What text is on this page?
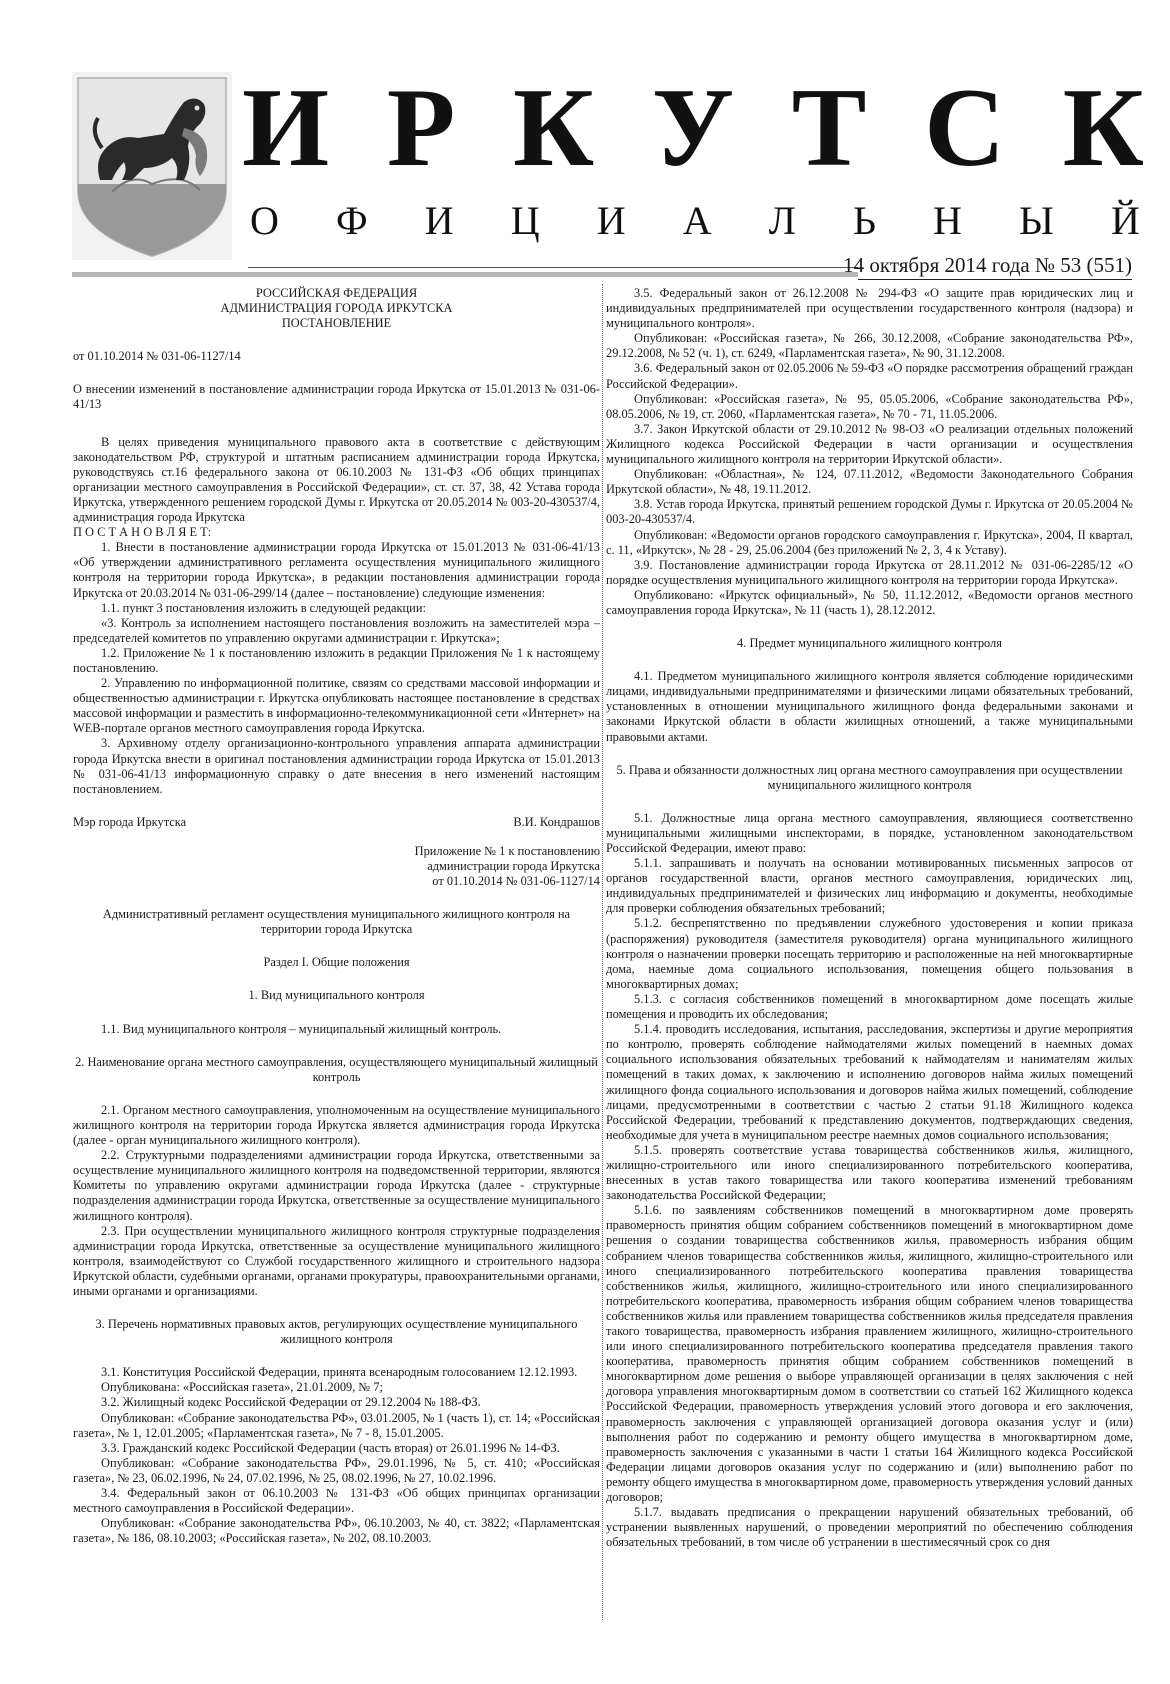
И Р К У Т С К
О Ф И Ц И А Л Ь Н Ы Й
14 октября 2014 года № 53 (551)

РОССИЙСКАЯ ФЕДЕРАЦИЯ

АДМИНИСТРАЦИЯ ГОРОДА ИРКУТСКА

ПОСТАНОВЛЕНИЕ

от 01.10.2014 № 031-06-1127/14

О внесении изменений в постановление администрации города Иркутска от 15.01.2013 № 031-06-41/13

В целях приведения муниципального правового акта в соответствие с действующим законодательством РФ, структурой и штатным расписанием администрации города Иркутска, руководствуясь ст.16 федерального закона от 06.10.2003 № 131-ФЗ «Об общих принципах организации местного самоуправления в Российской Федерации», ст. ст. 37, 38, 42 Устава города Иркутска, утвержденного решением городской Думы г. Иркутска от 20.05.2014 № 003-20-430537/4, администрация города Иркутска

П О С Т А Н О В Л Я Е Т:

1. Внести в постановление администрации города Иркутска от 15.01.2013 № 031-06-41/13 «Об утверждении административного регламента осуществления муниципального жилищного контроля на территории города Иркутска», в редакции постановления администрации города Иркутска от 20.03.2014 № 031-06-299/14 (далее – постановление) следующие изменения:

1.1. пункт 3 постановления изложить в следующей редакции:

«3. Контроль за исполнением настоящего постановления возложить на заместителей мэра – председателей комитетов по управлению округами администрации г. Иркутска»;

1.2. Приложение № 1 к постановлению изложить в редакции Приложения № 1 к настоящему постановлению.

2. Управлению по информационной политике, связям со средствами массовой информации и общественностью администрации г. Иркутска опубликовать настоящее постановление в средствах массовой информации и разместить в информационно-телекоммуникационной сети «Интернет» на WEB-портале органов местного самоуправления города Иркутска.

3. Архивному отделу организационно-контрольного управления аппарата администрации города Иркутска внести в оригинал постановления администрации города Иркутска от 15.01.2013 № 031-06-41/13 информационную справку о дате внесения в него изменений настоящим постановлением.

Мэр города Иркутска	В.И. Кондрашов

Приложение № 1 к постановлению

администрации города Иркутска

от 01.10.2014 № 031-06-1127/14

Административный регламент осуществления муниципального жилищного контроля на территории города Иркутска

Раздел I. Общие положения

1. Вид муниципального контроля

1.1. Вид муниципального контроля – муниципальный жилищный контроль.

2. Наименование органа местного самоуправления, осуществляющего муниципальный жилищный контроль

2.1. Органом местного самоуправления, уполномоченным на осуществление муниципального жилищного контроля на территории города Иркутска является администрация города Иркутска (далее - орган муниципального жилищного контроля).

2.2. Структурными подразделениями администрации города Иркутска, ответственными за осуществление муниципального жилищного контроля на подведомственной территории, являются Комитеты по управлению округами администрации города Иркутска (далее - структурные подразделения администрации города Иркутска, ответственные за осуществление муниципального жилищного контроля).

2.3. При осуществлении муниципального жилищного контроля структурные подразделения администрации города Иркутска, ответственные за осуществление муниципального жилищного контроля, взаимодействуют со Службой государственного жилищного и строительного надзора Иркутской области, судебными органами, органами прокуратуры, правоохранительными органами, иными органами и организациями.

3. Перечень нормативных правовых актов, регулирующих осуществление муниципального жилищного контроля

3.1. Конституция Российской Федерации, принята всенародным голосованием 12.12.1993.

Опубликована: «Российская газета», 21.01.2009, № 7;

3.2. Жилищный кодекс Российской Федерации от 29.12.2004 № 188-ФЗ.

Опубликован: «Собрание законодательства РФ», 03.01.2005, № 1 (часть 1), ст. 14; «Российская газета», № 1, 12.01.2005; «Парламентская газета», № 7 - 8, 15.01.2005.

3.3. Гражданский кодекс Российской Федерации (часть вторая) от 26.01.1996 № 14-ФЗ.

Опубликован: «Собрание законодательства РФ», 29.01.1996, № 5, ст. 410; «Российская газета», № 23, 06.02.1996, № 24, 07.02.1996, № 25, 08.02.1996, № 27, 10.02.1996.

3.4. Федеральный закон от 06.10.2003 № 131-ФЗ «Об общих принципах организации местного самоуправления в Российской Федерации».

Опубликован: «Собрание законодательства РФ», 06.10.2003, № 40, ст. 3822; «Парламентская газета», № 186, 08.10.2003; «Российская газета», № 202, 08.10.2003.

3.5. Федеральный закон от 26.12.2008 № 294-ФЗ «О защите прав юридических лиц и индивидуальных предпринимателей при осуществлении государственного контроля (надзора) и муниципального контроля».

Опубликован: «Российская газета», № 266, 30.12.2008, «Собрание законодательства РФ», 29.12.2008, № 52 (ч. 1), ст. 6249, «Парламентская газета», № 90, 31.12.2008.

3.6. Федеральный закон от 02.05.2006 № 59-ФЗ «О порядке рассмотрения обращений граждан Российской Федерации».

Опубликован: «Российская газета», № 95, 05.05.2006, «Собрание законодательства РФ», 08.05.2006, № 19, ст. 2060, «Парламентская газета», № 70 - 71, 11.05.2006.

3.7. Закон Иркутской области от 29.10.2012 № 98-ОЗ «О реализации отдельных положений Жилищного кодекса Российской Федерации в части организации и осуществления муниципального жилищного контроля на территории Иркутской области».

Опубликован: «Областная», № 124, 07.11.2012, «Ведомости Законодательного Собрания Иркутской области», № 48, 19.11.2012.

3.8. Устав города Иркутска, принятый решением городской Думы г. Иркутска от 20.05.2004 № 003-20-430537/4.

Опубликован: «Ведомости органов городского самоуправления г. Иркутска», 2004, II квартал, с. 11, «Иркутск», № 28 - 29, 25.06.2004 (без приложений № 2, 3, 4 к Уставу).

3.9. Постановление администрации города Иркутска от 28.11.2012 № 031-06-2285/12 «О порядке осуществления муниципального жилищного контроля на территории города Иркутска».

Опубликовано: «Иркутск официальный», № 50, 11.12.2012, «Ведомости органов местного самоуправления города Иркутска», № 11 (часть 1), 28.12.2012.

4. Предмет муниципального жилищного контроля

4.1. Предметом муниципального жилищного контроля является соблюдение юридическими лицами, индивидуальными предпринимателями и физическими лицами обязательных требований, установленных в отношении муниципального жилищного фонда федеральными законами и законами Иркутской области в области жилищных отношений, а также муниципальными правовыми актами.

5. Права и обязанности должностных лиц органа местного самоуправления при осуществлении муниципального жилищного контроля

5.1. Должностные лица органа местного самоуправления, являющиеся соответственно муниципальными жилищными инспекторами, в порядке, установленном законодательством Российской Федерации, имеют право:

5.1.1. запрашивать и получать на основании мотивированных письменных запросов от органов государственной власти, органов местного самоуправления, юридических лиц, индивидуальных предпринимателей и физических лиц информацию и документы, необходимые для проверки соблюдения обязательных требований;

5.1.2. беспрепятственно по предъявлении служебного удостоверения и копии приказа (распоряжения) руководителя (заместителя руководителя) органа муниципального жилищного контроля о назначении проверки посещать территорию и расположенные на ней многоквартирные дома, наемные дома социального использования, помещения общего пользования в многоквартирных домах;

5.1.3. с согласия собственников помещений в многоквартирном доме посещать жилые помещения и проводить их обследования;

5.1.4. проводить исследования, испытания, расследования, экспертизы и другие мероприятия по контролю, проверять соблюдение наймодателями жилых помещений в наемных домах социального использования обязательных требований к наймодателям и нанимателям жилых помещений в таких домах, к заключению и исполнению договоров найма жилых помещений жилищного фонда социального использования и договоров найма жилых помещений, соблюдение лицами, предусмотренными в соответствии с частью 2 статьи 91.18 Жилищного кодекса Российской Федерации, требований к представлению документов, подтверждающих сведения, необходимые для учета в муниципальном реестре наемных домов социального использования;

5.1.5. проверять соответствие устава товарищества собственников жилья, жилищного, жилищно-строительного или иного специализированного потребительского кооператива, внесенных в устав такого товарищества или такого кооператива изменений требованиям законодательства Российской Федерации;

5.1.6. по заявлениям собственников помещений в многоквартирном доме проверять правомерность принятия общим собранием собственников помещений в многоквартирном доме решения о создании товарищества собственников жилья, правомерность избрания общим собранием членов товарищества собственников жилья, жилищного, жилищно-строительного или иного специализированного потребительского кооператива правления товарищества собственников жилья, жилищного, жилищно-строительного или иного специализированного потребительского кооператива, правомерность избрания общим собранием членов товарищества собственников жилья или правлением товарищества собственников жилья председателя правления такого товарищества, правомерность избрания правлением жилищного, жилищно-строительного или иного специализированного потребительского кооператива председателя правления такого кооператива, правомерность принятия общим собранием собственников помещений в многоквартирном доме решения о выборе управляющей организации в целях заключения с ней договора управления многоквартирным домом в соответствии со статьей 162 Жилищного кодекса Российской Федерации, правомерность утверждения условий этого договора и его заключения, правомерность заключения с управляющей организацией договора оказания услуг и (или) выполнения работ по содержанию и ремонту общего имущества в многоквартирном доме, правомерность заключения с указанными в части 1 статьи 164 Жилищного кодекса Российской Федерации лицами договоров оказания услуг по содержанию и (или) выполнению работ по ремонту общего имущества в многоквартирном доме, правомерность утверждения условий данных договоров;

5.1.7. выдавать предписания о прекращении нарушений обязательных требований, об устранении выявленных нарушений, о проведении мероприятий по обеспечению соблюдения обязательных требований, в том числе об устранении в шестимесячный срок со дня
